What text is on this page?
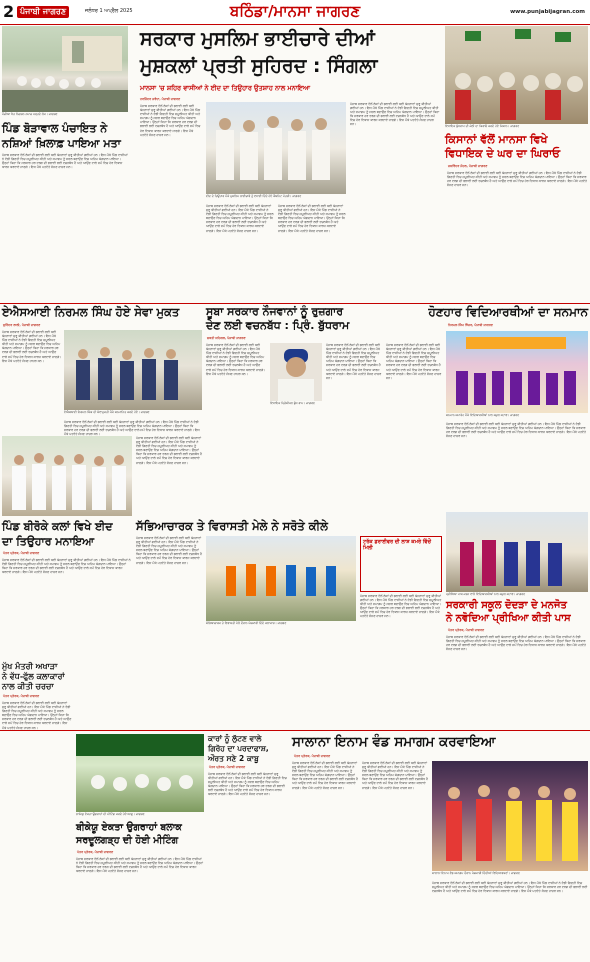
2 ਪੰਜਾਬੀ ਜਾਗਰਣ	ਜਲੰਧਰ 1 ਅਪ੍ਰੈਲ 2025	ਬਠਿੰਡਾ/ਮਾਨਸਾ ਜਾਗਰਣ	www.punjabijagran.com
ਮੌਜ਼ੀਆ ਖੇਤ ਨਿਗਰਨ ਨਮਾਜ਼ ਪੜ੍ਹਦੇ ਲੋਕ। ਜਾਗਰਣ
ਸਰਕਾਰ ਮੁਸਲਿਮ ਭਾਈਚਾਰੇ ਦੀਆਂ
ਮੁਸ਼ਕਲਾਂ ਪ੍ਰਤੀ ਸੁਹਿਰਦ : ਸਿੰਗਲਾ
ਮਾਨਸਾ 'ਚ ਸ਼ਹਿਰ ਵਾਸੀਆਂ ਨੇ ਈਦ ਦਾ ਤਿਉਹਾਰ ਉਤਸ਼ਾਹ ਨਾਲ ਮਨਾਇਆ
ਵਿਧਾਇਕ ਬੁੱਧਰਾਮ ਦੀ ਕੋਠੀ ਦਾ ਘਿਰਾਓ ਕਰਦੇ ਹੋਏ ਕਿਸਾਨ। ਜਾਗਰਣ
ਕਿਸਾਨਾਂ ਵੱਲੋਂ ਮਾਨਸਾ ਵਿਖੇ
ਵਿਧਾਇਕ ਦੇ ਘਰ ਦਾ ਘਿਰਾਓ
ਜਸਵਿੰਦਰ ਜੌਹਲ, ਪੰਜਾਬੀ ਜਾਗਰਣ
ਪੰਜਾਬ ਸਰਕਾਰ ਵੱਲੋਂ ਲੋਕਾਂ ਦੀ ਭਲਾਈ ਲਈ ਕਈ ਯੋਜਨਾਵਾਂ ਸ਼ੁਰੂ ਕੀਤੀਆਂ ਗਈਆਂ ਹਨ। ਇਸ ਮੌਕੇ ਪਿੰਡ ਵਾਸੀਆਂ ਨੇ ਵੱਡੀ ਗਿਣਤੀ ਵਿਚ ਸ਼ਮੂਲੀਅਤ ਕੀਤੀ ਅਤੇ ਸਮਾਗਮ ਨੂੰ ਸਫਲ ਬਣਾਉਣ ਵਿਚ ਅਹਿਮ ਯੋਗਦਾਨ ਪਾਇਆ। ਉਨ੍ਹਾਂ ਕਿਹਾ ਕਿ ਸਰਕਾਰ ਹਰ ਵਰਗ ਦੀ ਭਲਾਈ ਲਈ ਵਚਨਬੱਧ ਹੈ ਅਤੇ ਆਉਣ ਵਾਲੇ ਸਮੇਂ ਵਿਚ ਹੋਰ ਵਿਕਾਸ ਕਾਰਜ ਕਰਵਾਏ ਜਾਣਗੇ। ਇਸ ਮੌਕੇ ਪਤਵੰਤੇ ਸੱਜਣ ਹਾਜ਼ਰ ਸਨ।
ਪਿੰਡ ਬੋੜਾਵਾਲ ਪੰਚਾਇਤ ਨੇ
ਨਸ਼ਿਆਂ ਖ਼ਿਲਾਫ਼ ਪਾਇਆ ਮਤਾ
ਪੰਜਾਬ ਸਰਕਾਰ ਵੱਲੋਂ ਲੋਕਾਂ ਦੀ ਭਲਾਈ ਲਈ ਕਈ ਯੋਜਨਾਵਾਂ ਸ਼ੁਰੂ ਕੀਤੀਆਂ ਗਈਆਂ ਹਨ। ਇਸ ਮੌਕੇ ਪਿੰਡ ਵਾਸੀਆਂ ਨੇ ਵੱਡੀ ਗਿਣਤੀ ਵਿਚ ਸ਼ਮੂਲੀਅਤ ਕੀਤੀ ਅਤੇ ਸਮਾਗਮ ਨੂੰ ਸਫਲ ਬਣਾਉਣ ਵਿਚ ਅਹਿਮ ਯੋਗਦਾਨ ਪਾਇਆ। ਉਨ੍ਹਾਂ ਕਿਹਾ ਕਿ ਸਰਕਾਰ ਹਰ ਵਰਗ ਦੀ ਭਲਾਈ ਲਈ ਵਚਨਬੱਧ ਹੈ ਅਤੇ ਆਉਣ ਵਾਲੇ ਸਮੇਂ ਵਿਚ ਹੋਰ ਵਿਕਾਸ ਕਾਰਜ ਕਰਵਾਏ ਜਾਣਗੇ। ਇਸ ਮੌਕੇ ਪਤਵੰਤੇ ਸੱਜਣ ਹਾਜ਼ਰ ਸਨ।
ਹਰਜਿੰਦਰ ਜਵੰਦਾ, ਪੰਜਾਬੀ ਜਾਗਰਣ
ਪੰਜਾਬ ਸਰਕਾਰ ਵੱਲੋਂ ਲੋਕਾਂ ਦੀ ਭਲਾਈ ਲਈ ਕਈ ਯੋਜਨਾਵਾਂ ਸ਼ੁਰੂ ਕੀਤੀਆਂ ਗਈਆਂ ਹਨ। ਇਸ ਮੌਕੇ ਪਿੰਡ ਵਾਸੀਆਂ ਨੇ ਵੱਡੀ ਗਿਣਤੀ ਵਿਚ ਸ਼ਮੂਲੀਅਤ ਕੀਤੀ ਅਤੇ ਸਮਾਗਮ ਨੂੰ ਸਫਲ ਬਣਾਉਣ ਵਿਚ ਅਹਿਮ ਯੋਗਦਾਨ ਪਾਇਆ। ਉਨ੍ਹਾਂ ਕਿਹਾ ਕਿ ਸਰਕਾਰ ਹਰ ਵਰਗ ਦੀ ਭਲਾਈ ਲਈ ਵਚਨਬੱਧ ਹੈ ਅਤੇ ਆਉਣ ਵਾਲੇ ਸਮੇਂ ਵਿਚ ਹੋਰ ਵਿਕਾਸ ਕਾਰਜ ਕਰਵਾਏ ਜਾਣਗੇ। ਇਸ ਮੌਕੇ ਪਤਵੰਤੇ ਸੱਜਣ ਹਾਜ਼ਰ ਸਨ।
ਈਦ ਦੇ ਤਿਉਹਾਰ ਮੌਕੇ ਮੁਸਲਿਮ ਭਾਈਚਾਰੇ ਨੂੰ ਵਧਾਈ ਦਿੰਦੇ ਹੋਏ ਕੈਬਨਿਟ ਮੰਤਰੀ। ਜਾਗਰਣ
ਪੰਜਾਬ ਸਰਕਾਰ ਵੱਲੋਂ ਲੋਕਾਂ ਦੀ ਭਲਾਈ ਲਈ ਕਈ ਯੋਜਨਾਵਾਂ ਸ਼ੁਰੂ ਕੀਤੀਆਂ ਗਈਆਂ ਹਨ। ਇਸ ਮੌਕੇ ਪਿੰਡ ਵਾਸੀਆਂ ਨੇ ਵੱਡੀ ਗਿਣਤੀ ਵਿਚ ਸ਼ਮੂਲੀਅਤ ਕੀਤੀ ਅਤੇ ਸਮਾਗਮ ਨੂੰ ਸਫਲ ਬਣਾਉਣ ਵਿਚ ਅਹਿਮ ਯੋਗਦਾਨ ਪਾਇਆ। ਉਨ੍ਹਾਂ ਕਿਹਾ ਕਿ ਸਰਕਾਰ ਹਰ ਵਰਗ ਦੀ ਭਲਾਈ ਲਈ ਵਚਨਬੱਧ ਹੈ ਅਤੇ ਆਉਣ ਵਾਲੇ ਸਮੇਂ ਵਿਚ ਹੋਰ ਵਿਕਾਸ ਕਾਰਜ ਕਰਵਾਏ ਜਾਣਗੇ। ਇਸ ਮੌਕੇ ਪਤਵੰਤੇ ਸੱਜਣ ਹਾਜ਼ਰ ਸਨ।
ਪੰਜਾਬ ਸਰਕਾਰ ਵੱਲੋਂ ਲੋਕਾਂ ਦੀ ਭਲਾਈ ਲਈ ਕਈ ਯੋਜਨਾਵਾਂ ਸ਼ੁਰੂ ਕੀਤੀਆਂ ਗਈਆਂ ਹਨ। ਇਸ ਮੌਕੇ ਪਿੰਡ ਵਾਸੀਆਂ ਨੇ ਵੱਡੀ ਗਿਣਤੀ ਵਿਚ ਸ਼ਮੂਲੀਅਤ ਕੀਤੀ ਅਤੇ ਸਮਾਗਮ ਨੂੰ ਸਫਲ ਬਣਾਉਣ ਵਿਚ ਅਹਿਮ ਯੋਗਦਾਨ ਪਾਇਆ। ਉਨ੍ਹਾਂ ਕਿਹਾ ਕਿ ਸਰਕਾਰ ਹਰ ਵਰਗ ਦੀ ਭਲਾਈ ਲਈ ਵਚਨਬੱਧ ਹੈ ਅਤੇ ਆਉਣ ਵਾਲੇ ਸਮੇਂ ਵਿਚ ਹੋਰ ਵਿਕਾਸ ਕਾਰਜ ਕਰਵਾਏ ਜਾਣਗੇ। ਇਸ ਮੌਕੇ ਪਤਵੰਤੇ ਸੱਜਣ ਹਾਜ਼ਰ ਸਨ।
ਪੰਜਾਬ ਸਰਕਾਰ ਵੱਲੋਂ ਲੋਕਾਂ ਦੀ ਭਲਾਈ ਲਈ ਕਈ ਯੋਜਨਾਵਾਂ ਸ਼ੁਰੂ ਕੀਤੀਆਂ ਗਈਆਂ ਹਨ। ਇਸ ਮੌਕੇ ਪਿੰਡ ਵਾਸੀਆਂ ਨੇ ਵੱਡੀ ਗਿਣਤੀ ਵਿਚ ਸ਼ਮੂਲੀਅਤ ਕੀਤੀ ਅਤੇ ਸਮਾਗਮ ਨੂੰ ਸਫਲ ਬਣਾਉਣ ਵਿਚ ਅਹਿਮ ਯੋਗਦਾਨ ਪਾਇਆ। ਉਨ੍ਹਾਂ ਕਿਹਾ ਕਿ ਸਰਕਾਰ ਹਰ ਵਰਗ ਦੀ ਭਲਾਈ ਲਈ ਵਚਨਬੱਧ ਹੈ ਅਤੇ ਆਉਣ ਵਾਲੇ ਸਮੇਂ ਵਿਚ ਹੋਰ ਵਿਕਾਸ ਕਾਰਜ ਕਰਵਾਏ ਜਾਣਗੇ। ਇਸ ਮੌਕੇ ਪਤਵੰਤੇ ਸੱਜਣ ਹਾਜ਼ਰ ਸਨ।
ਏਐਸਆਈ ਨਿਰਮਲ ਸਿੰਘ ਹੋਏ ਸੇਵਾ ਮੁਕਤ
ਸੁਰਿੰਦਰ ਲਾਲੀ, ਪੰਜਾਬੀ ਜਾਗਰਣ
ਪੰਜਾਬ ਸਰਕਾਰ ਵੱਲੋਂ ਲੋਕਾਂ ਦੀ ਭਲਾਈ ਲਈ ਕਈ ਯੋਜਨਾਵਾਂ ਸ਼ੁਰੂ ਕੀਤੀਆਂ ਗਈਆਂ ਹਨ। ਇਸ ਮੌਕੇ ਪਿੰਡ ਵਾਸੀਆਂ ਨੇ ਵੱਡੀ ਗਿਣਤੀ ਵਿਚ ਸ਼ਮੂਲੀਅਤ ਕੀਤੀ ਅਤੇ ਸਮਾਗਮ ਨੂੰ ਸਫਲ ਬਣਾਉਣ ਵਿਚ ਅਹਿਮ ਯੋਗਦਾਨ ਪਾਇਆ। ਉਨ੍ਹਾਂ ਕਿਹਾ ਕਿ ਸਰਕਾਰ ਹਰ ਵਰਗ ਦੀ ਭਲਾਈ ਲਈ ਵਚਨਬੱਧ ਹੈ ਅਤੇ ਆਉਣ ਵਾਲੇ ਸਮੇਂ ਵਿਚ ਹੋਰ ਵਿਕਾਸ ਕਾਰਜ ਕਰਵਾਏ ਜਾਣਗੇ। ਇਸ ਮੌਕੇ ਪਤਵੰਤੇ ਸੱਜਣ ਹਾਜ਼ਰ ਸਨ।
ਏਐਸਆਈ ਨਿਰਮਲ ਸਿੰਘ ਦੀ ਸੇਵਾਮੁਕਤੀ ਮੌਕੇ ਸਨਮਾਨਿਤ ਕਰਦੇ ਹੋਏ। ਜਾਗਰਣ
ਪੰਜਾਬ ਸਰਕਾਰ ਵੱਲੋਂ ਲੋਕਾਂ ਦੀ ਭਲਾਈ ਲਈ ਕਈ ਯੋਜਨਾਵਾਂ ਸ਼ੁਰੂ ਕੀਤੀਆਂ ਗਈਆਂ ਹਨ। ਇਸ ਮੌਕੇ ਪਿੰਡ ਵਾਸੀਆਂ ਨੇ ਵੱਡੀ ਗਿਣਤੀ ਵਿਚ ਸ਼ਮੂਲੀਅਤ ਕੀਤੀ ਅਤੇ ਸਮਾਗਮ ਨੂੰ ਸਫਲ ਬਣਾਉਣ ਵਿਚ ਅਹਿਮ ਯੋਗਦਾਨ ਪਾਇਆ। ਉਨ੍ਹਾਂ ਕਿਹਾ ਕਿ ਸਰਕਾਰ ਹਰ ਵਰਗ ਦੀ ਭਲਾਈ ਲਈ ਵਚਨਬੱਧ ਹੈ ਅਤੇ ਆਉਣ ਵਾਲੇ ਸਮੇਂ ਵਿਚ ਹੋਰ ਵਿਕਾਸ ਕਾਰਜ ਕਰਵਾਏ ਜਾਣਗੇ। ਇਸ ਮੌਕੇ ਪਤਵੰਤੇ ਸੱਜਣ ਹਾਜ਼ਰ ਸਨ।
ਸੂਬਾ ਸਰਕਾਰ ਨੌਜਵਾਨਾਂ ਨੂੰ ਰੁਜ਼ਗਾਰ
ਦੇਣ ਲਈ ਵਚਨਬੱਧ : ਪ੍ਰਿੰ. ਬੁੱਧਰਾਮ
ਸ਼ਕਤੀ ਸਹਿਗਲ, ਪੰਜਾਬੀ ਜਾਗਰਣ
ਪੰਜਾਬ ਸਰਕਾਰ ਵੱਲੋਂ ਲੋਕਾਂ ਦੀ ਭਲਾਈ ਲਈ ਕਈ ਯੋਜਨਾਵਾਂ ਸ਼ੁਰੂ ਕੀਤੀਆਂ ਗਈਆਂ ਹਨ। ਇਸ ਮੌਕੇ ਪਿੰਡ ਵਾਸੀਆਂ ਨੇ ਵੱਡੀ ਗਿਣਤੀ ਵਿਚ ਸ਼ਮੂਲੀਅਤ ਕੀਤੀ ਅਤੇ ਸਮਾਗਮ ਨੂੰ ਸਫਲ ਬਣਾਉਣ ਵਿਚ ਅਹਿਮ ਯੋਗਦਾਨ ਪਾਇਆ। ਉਨ੍ਹਾਂ ਕਿਹਾ ਕਿ ਸਰਕਾਰ ਹਰ ਵਰਗ ਦੀ ਭਲਾਈ ਲਈ ਵਚਨਬੱਧ ਹੈ ਅਤੇ ਆਉਣ ਵਾਲੇ ਸਮੇਂ ਵਿਚ ਹੋਰ ਵਿਕਾਸ ਕਾਰਜ ਕਰਵਾਏ ਜਾਣਗੇ। ਇਸ ਮੌਕੇ ਪਤਵੰਤੇ ਸੱਜਣ ਹਾਜ਼ਰ ਸਨ।
ਵਿਧਾਇਕ ਪ੍ਰਿੰਸੀਪਲ ਬੁੱਧ ਰਾਮ। ਜਾਗਰਣ
ਪੰਜਾਬ ਸਰਕਾਰ ਵੱਲੋਂ ਲੋਕਾਂ ਦੀ ਭਲਾਈ ਲਈ ਕਈ ਯੋਜਨਾਵਾਂ ਸ਼ੁਰੂ ਕੀਤੀਆਂ ਗਈਆਂ ਹਨ। ਇਸ ਮੌਕੇ ਪਿੰਡ ਵਾਸੀਆਂ ਨੇ ਵੱਡੀ ਗਿਣਤੀ ਵਿਚ ਸ਼ਮੂਲੀਅਤ ਕੀਤੀ ਅਤੇ ਸਮਾਗਮ ਨੂੰ ਸਫਲ ਬਣਾਉਣ ਵਿਚ ਅਹਿਮ ਯੋਗਦਾਨ ਪਾਇਆ। ਉਨ੍ਹਾਂ ਕਿਹਾ ਕਿ ਸਰਕਾਰ ਹਰ ਵਰਗ ਦੀ ਭਲਾਈ ਲਈ ਵਚਨਬੱਧ ਹੈ ਅਤੇ ਆਉਣ ਵਾਲੇ ਸਮੇਂ ਵਿਚ ਹੋਰ ਵਿਕਾਸ ਕਾਰਜ ਕਰਵਾਏ ਜਾਣਗੇ। ਇਸ ਮੌਕੇ ਪਤਵੰਤੇ ਸੱਜਣ ਹਾਜ਼ਰ ਸਨ।
ਪੰਜਾਬ ਸਰਕਾਰ ਵੱਲੋਂ ਲੋਕਾਂ ਦੀ ਭਲਾਈ ਲਈ ਕਈ ਯੋਜਨਾਵਾਂ ਸ਼ੁਰੂ ਕੀਤੀਆਂ ਗਈਆਂ ਹਨ। ਇਸ ਮੌਕੇ ਪਿੰਡ ਵਾਸੀਆਂ ਨੇ ਵੱਡੀ ਗਿਣਤੀ ਵਿਚ ਸ਼ਮੂਲੀਅਤ ਕੀਤੀ ਅਤੇ ਸਮਾਗਮ ਨੂੰ ਸਫਲ ਬਣਾਉਣ ਵਿਚ ਅਹਿਮ ਯੋਗਦਾਨ ਪਾਇਆ। ਉਨ੍ਹਾਂ ਕਿਹਾ ਕਿ ਸਰਕਾਰ ਹਰ ਵਰਗ ਦੀ ਭਲਾਈ ਲਈ ਵਚਨਬੱਧ ਹੈ ਅਤੇ ਆਉਣ ਵਾਲੇ ਸਮੇਂ ਵਿਚ ਹੋਰ ਵਿਕਾਸ ਕਾਰਜ ਕਰਵਾਏ ਜਾਣਗੇ। ਇਸ ਮੌਕੇ ਪਤਵੰਤੇ ਸੱਜਣ ਹਾਜ਼ਰ ਸਨ।
ਹੋਣਹਾਰ ਵਿਦਿਆਰਥੀਆਂ ਦਾ ਸਨਮਾਨ
ਨਿਰਮਲ ਸਿੰਘ ਝਿੰਜਰ, ਪੰਜਾਬੀ ਜਾਗਰਣ
ਸਨਮਾਨ ਸਮਾਰੋਹ ਮੌਕੇ ਵਿਦਿਆਰਥੀਆਂ ਨਾਲ ਸਕੂਲ ਸਟਾਫ। ਜਾਗਰਣ
ਪੰਜਾਬ ਸਰਕਾਰ ਵੱਲੋਂ ਲੋਕਾਂ ਦੀ ਭਲਾਈ ਲਈ ਕਈ ਯੋਜਨਾਵਾਂ ਸ਼ੁਰੂ ਕੀਤੀਆਂ ਗਈਆਂ ਹਨ। ਇਸ ਮੌਕੇ ਪਿੰਡ ਵਾਸੀਆਂ ਨੇ ਵੱਡੀ ਗਿਣਤੀ ਵਿਚ ਸ਼ਮੂਲੀਅਤ ਕੀਤੀ ਅਤੇ ਸਮਾਗਮ ਨੂੰ ਸਫਲ ਬਣਾਉਣ ਵਿਚ ਅਹਿਮ ਯੋਗਦਾਨ ਪਾਇਆ। ਉਨ੍ਹਾਂ ਕਿਹਾ ਕਿ ਸਰਕਾਰ ਹਰ ਵਰਗ ਦੀ ਭਲਾਈ ਲਈ ਵਚਨਬੱਧ ਹੈ ਅਤੇ ਆਉਣ ਵਾਲੇ ਸਮੇਂ ਵਿਚ ਹੋਰ ਵਿਕਾਸ ਕਾਰਜ ਕਰਵਾਏ ਜਾਣਗੇ। ਇਸ ਮੌਕੇ ਪਤਵੰਤੇ ਸੱਜਣ ਹਾਜ਼ਰ ਸਨ।
ਪੰਜਾਬ ਸਰਕਾਰ ਵੱਲੋਂ ਲੋਕਾਂ ਦੀ ਭਲਾਈ ਲਈ ਕਈ ਯੋਜਨਾਵਾਂ ਸ਼ੁਰੂ ਕੀਤੀਆਂ ਗਈਆਂ ਹਨ। ਇਸ ਮੌਕੇ ਪਿੰਡ ਵਾਸੀਆਂ ਨੇ ਵੱਡੀ ਗਿਣਤੀ ਵਿਚ ਸ਼ਮੂਲੀਅਤ ਕੀਤੀ ਅਤੇ ਸਮਾਗਮ ਨੂੰ ਸਫਲ ਬਣਾਉਣ ਵਿਚ ਅਹਿਮ ਯੋਗਦਾਨ ਪਾਇਆ। ਉਨ੍ਹਾਂ ਕਿਹਾ ਕਿ ਸਰਕਾਰ ਹਰ ਵਰਗ ਦੀ ਭਲਾਈ ਲਈ ਵਚਨਬੱਧ ਹੈ ਅਤੇ ਆਉਣ ਵਾਲੇ ਸਮੇਂ ਵਿਚ ਹੋਰ ਵਿਕਾਸ ਕਾਰਜ ਕਰਵਾਏ ਜਾਣਗੇ। ਇਸ ਮੌਕੇ ਪਤਵੰਤੇ ਸੱਜਣ ਹਾਜ਼ਰ ਸਨ।
ਸੱਭਿਆਚਾਰਕ ਤੇ ਵਿਰਾਸਤੀ ਮੇਲੇ ਨੇ ਸਰੋਤੇ ਕੀਲੇ
ਸੱਭਿਆਚਾਰਕ ਤੇ ਵਿਰਾਸਤੀ ਮੇਲੇ ਦੌਰਾਨ ਪੇਸ਼ਕਾਰੀ ਦਿੰਦੇ ਕਲਾਕਾਰ। ਜਾਗਰਣ
ਪੰਜਾਬ ਸਰਕਾਰ ਵੱਲੋਂ ਲੋਕਾਂ ਦੀ ਭਲਾਈ ਲਈ ਕਈ ਯੋਜਨਾਵਾਂ ਸ਼ੁਰੂ ਕੀਤੀਆਂ ਗਈਆਂ ਹਨ। ਇਸ ਮੌਕੇ ਪਿੰਡ ਵਾਸੀਆਂ ਨੇ ਵੱਡੀ ਗਿਣਤੀ ਵਿਚ ਸ਼ਮੂਲੀਅਤ ਕੀਤੀ ਅਤੇ ਸਮਾਗਮ ਨੂੰ ਸਫਲ ਬਣਾਉਣ ਵਿਚ ਅਹਿਮ ਯੋਗਦਾਨ ਪਾਇਆ। ਉਨ੍ਹਾਂ ਕਿਹਾ ਕਿ ਸਰਕਾਰ ਹਰ ਵਰਗ ਦੀ ਭਲਾਈ ਲਈ ਵਚਨਬੱਧ ਹੈ ਅਤੇ ਆਉਣ ਵਾਲੇ ਸਮੇਂ ਵਿਚ ਹੋਰ ਵਿਕਾਸ ਕਾਰਜ ਕਰਵਾਏ ਜਾਣਗੇ। ਇਸ ਮੌਕੇ ਪਤਵੰਤੇ ਸੱਜਣ ਹਾਜ਼ਰ ਸਨ।
ਟਰੱਕ ਡਰਾਈਵਰ ਦੀ ਲਾਸ਼ ਕਮਰੇ ਵਿੱਚੋਂ ਮਿਲੀ
ਪੰਜਾਬ ਸਰਕਾਰ ਵੱਲੋਂ ਲੋਕਾਂ ਦੀ ਭਲਾਈ ਲਈ ਕਈ ਯੋਜਨਾਵਾਂ ਸ਼ੁਰੂ ਕੀਤੀਆਂ ਗਈਆਂ ਹਨ। ਇਸ ਮੌਕੇ ਪਿੰਡ ਵਾਸੀਆਂ ਨੇ ਵੱਡੀ ਗਿਣਤੀ ਵਿਚ ਸ਼ਮੂਲੀਅਤ ਕੀਤੀ ਅਤੇ ਸਮਾਗਮ ਨੂੰ ਸਫਲ ਬਣਾਉਣ ਵਿਚ ਅਹਿਮ ਯੋਗਦਾਨ ਪਾਇਆ। ਉਨ੍ਹਾਂ ਕਿਹਾ ਕਿ ਸਰਕਾਰ ਹਰ ਵਰਗ ਦੀ ਭਲਾਈ ਲਈ ਵਚਨਬੱਧ ਹੈ ਅਤੇ ਆਉਣ ਵਾਲੇ ਸਮੇਂ ਵਿਚ ਹੋਰ ਵਿਕਾਸ ਕਾਰਜ ਕਰਵਾਏ ਜਾਣਗੇ। ਇਸ ਮੌਕੇ ਪਤਵੰਤੇ ਸੱਜਣ ਹਾਜ਼ਰ ਸਨ।
ਪ੍ਰੀਖਿਆ ਪਾਸ ਕਰਨ ਵਾਲੇ ਵਿਦਿਆਰਥੀਆਂ ਨਾਲ ਸਕੂਲ ਸਟਾਫ। ਜਾਗਰਣ
ਸਰਕਾਰੀ ਸਕੂਲ ਦੋਦੜਾ ਦੇ ਮਨਜੋਤ
ਨੇ ਨਵੋਦਿਆ ਪ੍ਰੀਖਿਆ ਕੀਤੀ ਪਾਸ
ਪੱਤਰ ਪ੍ਰੇਰਕ, ਪੰਜਾਬੀ ਜਾਗਰਣ
ਪੰਜਾਬ ਸਰਕਾਰ ਵੱਲੋਂ ਲੋਕਾਂ ਦੀ ਭਲਾਈ ਲਈ ਕਈ ਯੋਜਨਾਵਾਂ ਸ਼ੁਰੂ ਕੀਤੀਆਂ ਗਈਆਂ ਹਨ। ਇਸ ਮੌਕੇ ਪਿੰਡ ਵਾਸੀਆਂ ਨੇ ਵੱਡੀ ਗਿਣਤੀ ਵਿਚ ਸ਼ਮੂਲੀਅਤ ਕੀਤੀ ਅਤੇ ਸਮਾਗਮ ਨੂੰ ਸਫਲ ਬਣਾਉਣ ਵਿਚ ਅਹਿਮ ਯੋਗਦਾਨ ਪਾਇਆ। ਉਨ੍ਹਾਂ ਕਿਹਾ ਕਿ ਸਰਕਾਰ ਹਰ ਵਰਗ ਦੀ ਭਲਾਈ ਲਈ ਵਚਨਬੱਧ ਹੈ ਅਤੇ ਆਉਣ ਵਾਲੇ ਸਮੇਂ ਵਿਚ ਹੋਰ ਵਿਕਾਸ ਕਾਰਜ ਕਰਵਾਏ ਜਾਣਗੇ। ਇਸ ਮੌਕੇ ਪਤਵੰਤੇ ਸੱਜਣ ਹਾਜ਼ਰ ਸਨ।
ਪਿੰਡ ਬੀਰੋਕੇ ਕਲਾਂ ਵਿਖੇ ਈਦ
ਦਾ ਤਿਉਹਾਰ ਮਨਾਇਆ
ਪੱਤਰ ਪ੍ਰੇਰਕ, ਪੰਜਾਬੀ ਜਾਗਰਣ
ਪੰਜਾਬ ਸਰਕਾਰ ਵੱਲੋਂ ਲੋਕਾਂ ਦੀ ਭਲਾਈ ਲਈ ਕਈ ਯੋਜਨਾਵਾਂ ਸ਼ੁਰੂ ਕੀਤੀਆਂ ਗਈਆਂ ਹਨ। ਇਸ ਮੌਕੇ ਪਿੰਡ ਵਾਸੀਆਂ ਨੇ ਵੱਡੀ ਗਿਣਤੀ ਵਿਚ ਸ਼ਮੂਲੀਅਤ ਕੀਤੀ ਅਤੇ ਸਮਾਗਮ ਨੂੰ ਸਫਲ ਬਣਾਉਣ ਵਿਚ ਅਹਿਮ ਯੋਗਦਾਨ ਪਾਇਆ। ਉਨ੍ਹਾਂ ਕਿਹਾ ਕਿ ਸਰਕਾਰ ਹਰ ਵਰਗ ਦੀ ਭਲਾਈ ਲਈ ਵਚਨਬੱਧ ਹੈ ਅਤੇ ਆਉਣ ਵਾਲੇ ਸਮੇਂ ਵਿਚ ਹੋਰ ਵਿਕਾਸ ਕਾਰਜ ਕਰਵਾਏ ਜਾਣਗੇ। ਇਸ ਮੌਕੇ ਪਤਵੰਤੇ ਸੱਜਣ ਹਾਜ਼ਰ ਸਨ।
ਮੁੱਖ ਮੰਤਰੀ ਅਖਾੜਾ
ਨੇ ਵੱਧ-ਫੁੱਲ ਕਲਾਕਾਰਾਂ
ਨਾਲ ਕੀਤੀ ਚਰਚਾ
ਪੱਤਰ ਪ੍ਰੇਰਕ, ਪੰਜਾਬੀ ਜਾਗਰਣ
ਪੰਜਾਬ ਸਰਕਾਰ ਵੱਲੋਂ ਲੋਕਾਂ ਦੀ ਭਲਾਈ ਲਈ ਕਈ ਯੋਜਨਾਵਾਂ ਸ਼ੁਰੂ ਕੀਤੀਆਂ ਗਈਆਂ ਹਨ। ਇਸ ਮੌਕੇ ਪਿੰਡ ਵਾਸੀਆਂ ਨੇ ਵੱਡੀ ਗਿਣਤੀ ਵਿਚ ਸ਼ਮੂਲੀਅਤ ਕੀਤੀ ਅਤੇ ਸਮਾਗਮ ਨੂੰ ਸਫਲ ਬਣਾਉਣ ਵਿਚ ਅਹਿਮ ਯੋਗਦਾਨ ਪਾਇਆ। ਉਨ੍ਹਾਂ ਕਿਹਾ ਕਿ ਸਰਕਾਰ ਹਰ ਵਰਗ ਦੀ ਭਲਾਈ ਲਈ ਵਚਨਬੱਧ ਹੈ ਅਤੇ ਆਉਣ ਵਾਲੇ ਸਮੇਂ ਵਿਚ ਹੋਰ ਵਿਕਾਸ ਕਾਰਜ ਕਰਵਾਏ ਜਾਣਗੇ। ਇਸ ਮੌਕੇ ਪਤਵੰਤੇ ਸੱਜਣ ਹਾਜ਼ਰ ਸਨ।
ਭਾਕਿਯੂ ਏਕਤਾ ਉਗਰਾਹਾਂ ਦੀ ਮੀਟਿੰਗ ਕਰਦੇ ਹੋਏ ਆਗੂ। ਜਾਗਰਣ
ਬੀਕੇਯੂ ਏਕਤਾ ਉਗਰਾਹਾਂ ਬਲਾਕ
ਸਰਦੂਲਗੜ੍ਹ ਦੀ ਹੋਈ ਮੀਟਿੰਗ
ਪੱਤਰ ਪ੍ਰੇਰਕ, ਪੰਜਾਬੀ ਜਾਗਰਣ
ਪੰਜਾਬ ਸਰਕਾਰ ਵੱਲੋਂ ਲੋਕਾਂ ਦੀ ਭਲਾਈ ਲਈ ਕਈ ਯੋਜਨਾਵਾਂ ਸ਼ੁਰੂ ਕੀਤੀਆਂ ਗਈਆਂ ਹਨ। ਇਸ ਮੌਕੇ ਪਿੰਡ ਵਾਸੀਆਂ ਨੇ ਵੱਡੀ ਗਿਣਤੀ ਵਿਚ ਸ਼ਮੂਲੀਅਤ ਕੀਤੀ ਅਤੇ ਸਮਾਗਮ ਨੂੰ ਸਫਲ ਬਣਾਉਣ ਵਿਚ ਅਹਿਮ ਯੋਗਦਾਨ ਪਾਇਆ। ਉਨ੍ਹਾਂ ਕਿਹਾ ਕਿ ਸਰਕਾਰ ਹਰ ਵਰਗ ਦੀ ਭਲਾਈ ਲਈ ਵਚਨਬੱਧ ਹੈ ਅਤੇ ਆਉਣ ਵਾਲੇ ਸਮੇਂ ਵਿਚ ਹੋਰ ਵਿਕਾਸ ਕਾਰਜ ਕਰਵਾਏ ਜਾਣਗੇ। ਇਸ ਮੌਕੇ ਪਤਵੰਤੇ ਸੱਜਣ ਹਾਜ਼ਰ ਸਨ।
ਕਾਰਾਂ ਨੂੰ ਲੁੱਟਣ ਵਾਲੇ
ਗਿਰੋਹ ਦਾ ਪਰਦਾਫਾਸ਼,
ਔਰਤ ਸਣੇ 2 ਕਾਬੂ
ਪੱਤਰ ਪ੍ਰੇਰਕ, ਪੰਜਾਬੀ ਜਾਗਰਣ
ਪੰਜਾਬ ਸਰਕਾਰ ਵੱਲੋਂ ਲੋਕਾਂ ਦੀ ਭਲਾਈ ਲਈ ਕਈ ਯੋਜਨਾਵਾਂ ਸ਼ੁਰੂ ਕੀਤੀਆਂ ਗਈਆਂ ਹਨ। ਇਸ ਮੌਕੇ ਪਿੰਡ ਵਾਸੀਆਂ ਨੇ ਵੱਡੀ ਗਿਣਤੀ ਵਿਚ ਸ਼ਮੂਲੀਅਤ ਕੀਤੀ ਅਤੇ ਸਮਾਗਮ ਨੂੰ ਸਫਲ ਬਣਾਉਣ ਵਿਚ ਅਹਿਮ ਯੋਗਦਾਨ ਪਾਇਆ। ਉਨ੍ਹਾਂ ਕਿਹਾ ਕਿ ਸਰਕਾਰ ਹਰ ਵਰਗ ਦੀ ਭਲਾਈ ਲਈ ਵਚਨਬੱਧ ਹੈ ਅਤੇ ਆਉਣ ਵਾਲੇ ਸਮੇਂ ਵਿਚ ਹੋਰ ਵਿਕਾਸ ਕਾਰਜ ਕਰਵਾਏ ਜਾਣਗੇ। ਇਸ ਮੌਕੇ ਪਤਵੰਤੇ ਸੱਜਣ ਹਾਜ਼ਰ ਸਨ।
ਸਾਲਾਨਾ ਇਨਾਮ ਵੰਡ ਸਮਾਗਮ ਕਰਵਾਇਆ
ਪੱਤਰ ਪ੍ਰੇਰਕ, ਪੰਜਾਬੀ ਜਾਗਰਣ
ਪੰਜਾਬ ਸਰਕਾਰ ਵੱਲੋਂ ਲੋਕਾਂ ਦੀ ਭਲਾਈ ਲਈ ਕਈ ਯੋਜਨਾਵਾਂ ਸ਼ੁਰੂ ਕੀਤੀਆਂ ਗਈਆਂ ਹਨ। ਇਸ ਮੌਕੇ ਪਿੰਡ ਵਾਸੀਆਂ ਨੇ ਵੱਡੀ ਗਿਣਤੀ ਵਿਚ ਸ਼ਮੂਲੀਅਤ ਕੀਤੀ ਅਤੇ ਸਮਾਗਮ ਨੂੰ ਸਫਲ ਬਣਾਉਣ ਵਿਚ ਅਹਿਮ ਯੋਗਦਾਨ ਪਾਇਆ। ਉਨ੍ਹਾਂ ਕਿਹਾ ਕਿ ਸਰਕਾਰ ਹਰ ਵਰਗ ਦੀ ਭਲਾਈ ਲਈ ਵਚਨਬੱਧ ਹੈ ਅਤੇ ਆਉਣ ਵਾਲੇ ਸਮੇਂ ਵਿਚ ਹੋਰ ਵਿਕਾਸ ਕਾਰਜ ਕਰਵਾਏ ਜਾਣਗੇ। ਇਸ ਮੌਕੇ ਪਤਵੰਤੇ ਸੱਜਣ ਹਾਜ਼ਰ ਸਨ।
ਪੰਜਾਬ ਸਰਕਾਰ ਵੱਲੋਂ ਲੋਕਾਂ ਦੀ ਭਲਾਈ ਲਈ ਕਈ ਯੋਜਨਾਵਾਂ ਸ਼ੁਰੂ ਕੀਤੀਆਂ ਗਈਆਂ ਹਨ। ਇਸ ਮੌਕੇ ਪਿੰਡ ਵਾਸੀਆਂ ਨੇ ਵੱਡੀ ਗਿਣਤੀ ਵਿਚ ਸ਼ਮੂਲੀਅਤ ਕੀਤੀ ਅਤੇ ਸਮਾਗਮ ਨੂੰ ਸਫਲ ਬਣਾਉਣ ਵਿਚ ਅਹਿਮ ਯੋਗਦਾਨ ਪਾਇਆ। ਉਨ੍ਹਾਂ ਕਿਹਾ ਕਿ ਸਰਕਾਰ ਹਰ ਵਰਗ ਦੀ ਭਲਾਈ ਲਈ ਵਚਨਬੱਧ ਹੈ ਅਤੇ ਆਉਣ ਵਾਲੇ ਸਮੇਂ ਵਿਚ ਹੋਰ ਵਿਕਾਸ ਕਾਰਜ ਕਰਵਾਏ ਜਾਣਗੇ। ਇਸ ਮੌਕੇ ਪਤਵੰਤੇ ਸੱਜਣ ਹਾਜ਼ਰ ਸਨ।
ਸਾਲਾਨਾ ਇਨਾਮ ਵੰਡ ਸਮਾਗਮ ਦੌਰਾਨ ਪੇਸ਼ਕਾਰੀ ਦਿੰਦੀਆਂ ਵਿਦਿਆਰਥਣਾਂ। ਜਾਗਰਣ
ਪੰਜਾਬ ਸਰਕਾਰ ਵੱਲੋਂ ਲੋਕਾਂ ਦੀ ਭਲਾਈ ਲਈ ਕਈ ਯੋਜਨਾਵਾਂ ਸ਼ੁਰੂ ਕੀਤੀਆਂ ਗਈਆਂ ਹਨ। ਇਸ ਮੌਕੇ ਪਿੰਡ ਵਾਸੀਆਂ ਨੇ ਵੱਡੀ ਗਿਣਤੀ ਵਿਚ ਸ਼ਮੂਲੀਅਤ ਕੀਤੀ ਅਤੇ ਸਮਾਗਮ ਨੂੰ ਸਫਲ ਬਣਾਉਣ ਵਿਚ ਅਹਿਮ ਯੋਗਦਾਨ ਪਾਇਆ। ਉਨ੍ਹਾਂ ਕਿਹਾ ਕਿ ਸਰਕਾਰ ਹਰ ਵਰਗ ਦੀ ਭਲਾਈ ਲਈ ਵਚਨਬੱਧ ਹੈ ਅਤੇ ਆਉਣ ਵਾਲੇ ਸਮੇਂ ਵਿਚ ਹੋਰ ਵਿਕਾਸ ਕਾਰਜ ਕਰਵਾਏ ਜਾਣਗੇ। ਇਸ ਮੌਕੇ ਪਤਵੰਤੇ ਸੱਜਣ ਹਾਜ਼ਰ ਸਨ।
